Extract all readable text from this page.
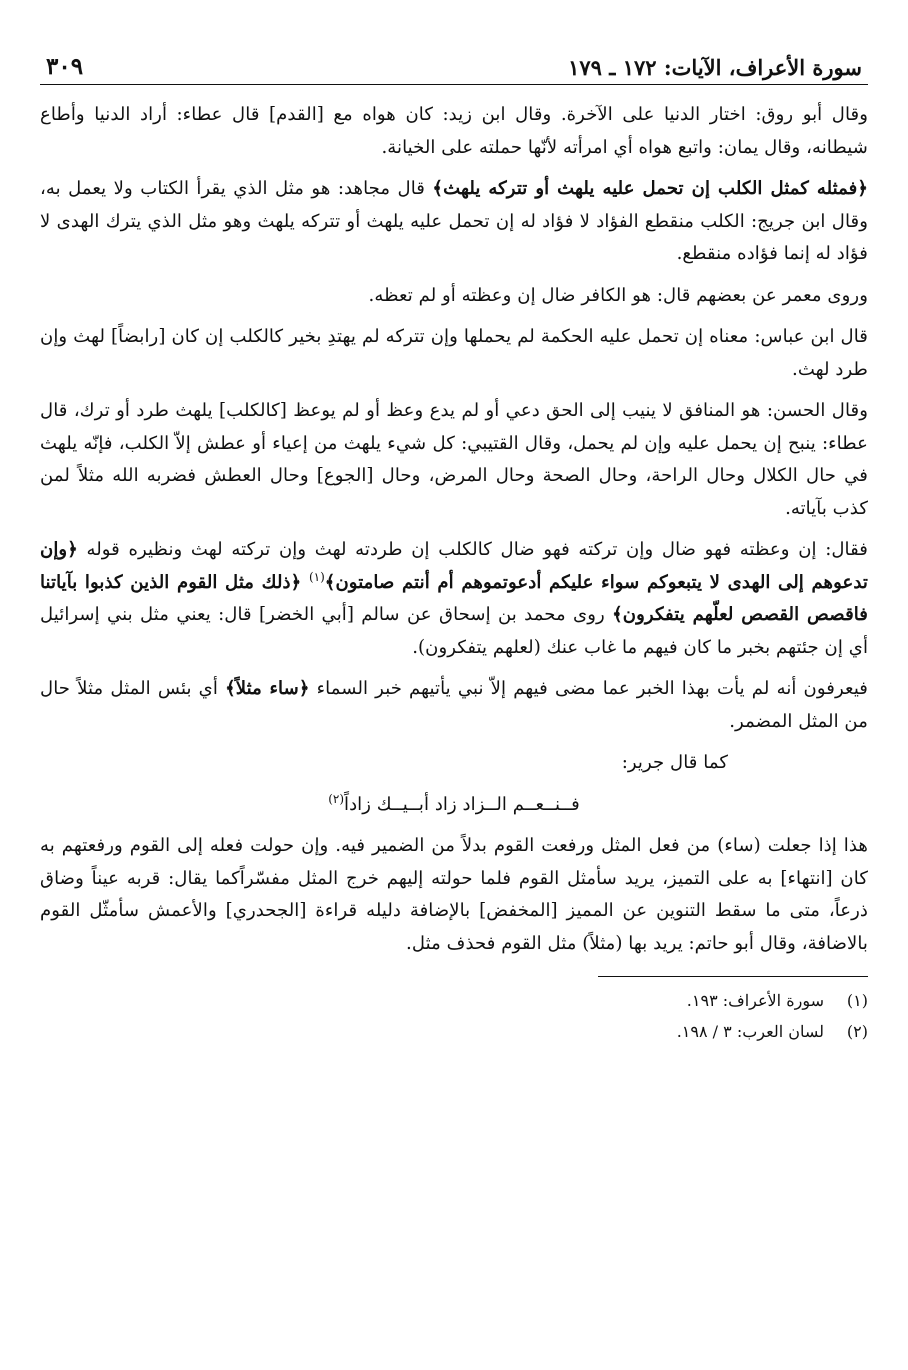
سورة الأعراف، الآيات: ١٧٢ ـ ١٧٩
٣٠٩

وقال أبو روق: اختار الدنيا على الآخرة. وقال ابن زيد: كان هواه مع [القدم] قال عطاء: أراد الدنيا وأطاع شيطانه، وقال يمان: واتبع هواه أي امرأته لأنّها حملته على الخيانة.

﴿فمثله كمثل الكلب إن تحمل عليه يلهث أو تتركه يلهث﴾ قال مجاهد: هو مثل الذي يقرأ الكتاب ولا يعمل به، وقال ابن جريج: الكلب منقطع الفؤاد لا فؤاد له إن تحمل عليه يلهث أو تتركه يلهث وهو مثل الذي يترك الهدى لا فؤاد له إنما فؤاده منقطع.

وروى معمر عن بعضهم قال: هو الكافر ضال إن وعظته أو لم تعظه.

قال ابن عباس: معناه إن تحمل عليه الحكمة لم يحملها وإن تتركه لم يهتدِ بخير كالكلب إن كان [رابضاً] لهث وإن طرد لهث.

وقال الحسن: هو المنافق لا ينيب إلى الحق دعي أو لم يدع وعظ أو لم يوعظ [كالكلب] يلهث طرد أو ترك، قال عطاء: ينبح إن يحمل عليه وإن لم يحمل، وقال القتيبي: كل شيء يلهث من إعياء أو عطش إلاّ الكلب، فإنّه يلهث في حال الكلال وحال الراحة، وحال الصحة وحال المرض، وحال [الجوع] وحال العطش فضربه الله مثلاً لمن كذب بآياته.

فقال: إن وعظته فهو ضال وإن تركته فهو ضال كالكلب إن طردته لهث وإن تركته لهث ونظيره قوله ﴿وإن تدعوهم إلى الهدى لا يتبعوكم سواء عليكم أدعوتموهم أم أنتم صامتون﴾$^{(١)}$ ﴿ذلك مثل القوم الذين كذبوا بآياتنا فاقصص القصص لعلّهم يتفكرون﴾ روى محمد بن إسحاق عن سالم [أبي الخضر] قال: يعني مثل بني إسرائيل أي إن جئتهم بخبر ما كان فيهم ما غاب عنك (لعلهم يتفكرون).

فيعرفون أنه لم يأت بهذا الخبر عما مضى فيهم إلاّ نبي يأتيهم خبر السماء ﴿ساء مثلاً﴾ أي بئس المثل مثلاً حال من المثل المضمر.

كما قال جرير:

فــنــعــم الــزاد زاد أبــيــك زاداً$^{(٢)}$

هذا إذا جعلت (ساء) من فعل المثل ورفعت القوم بدلاً من الضمير فيه. وإن حولت فعله إلى القوم ورفعتهم به كان [انتهاء] به على التميز، يريد سأمثل القوم فلما حولته إليهم خرج المثل مفسّراًكما يقال: قربه عيناً وضاق ذرعاً، متى ما سقط التنوين عن المميز [المخفض] بالإضافة دليله قراءة [الجحدري] والأعمش سأمثّل القوم بالاضافة، وقال أبو حاتم: يريد بها (مثلاً) مثل القوم فحذف مثل.

(١)
سورة الأعراف: ١٩٣.
(٢)
لسان العرب: ٣ / ١٩٨.
